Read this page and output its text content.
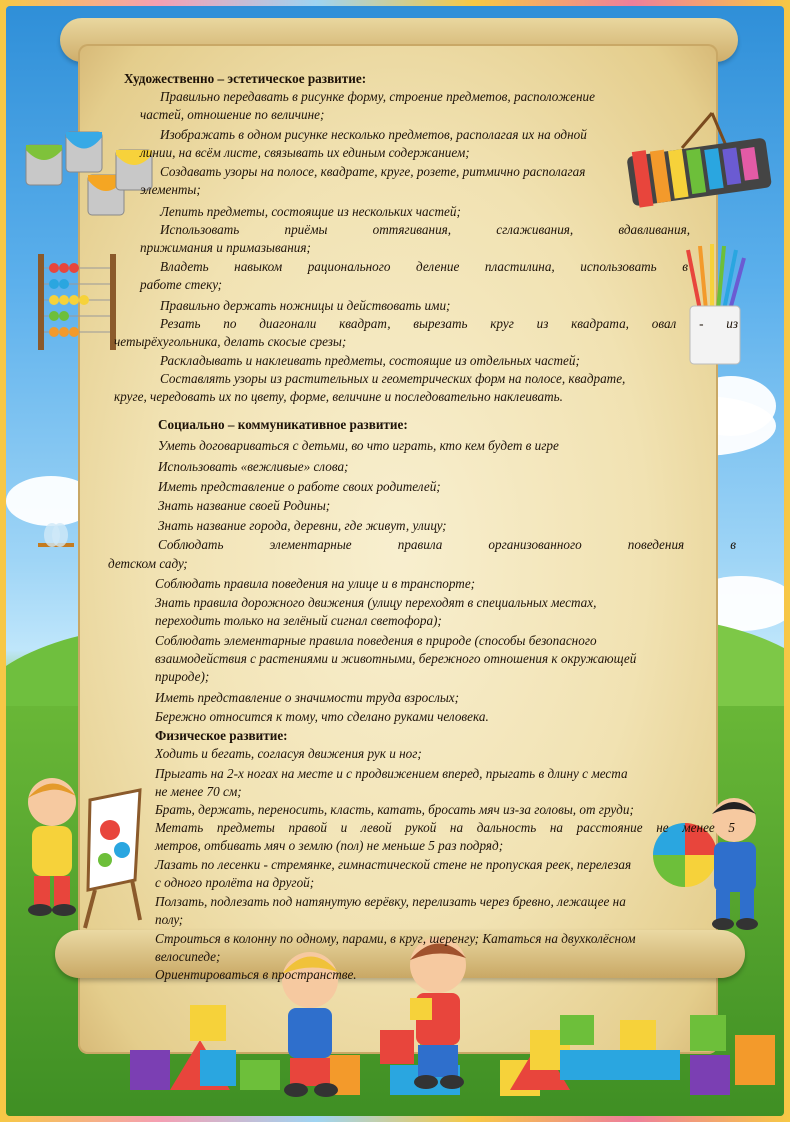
Художественно – эстетическое развитие:
Правильно передавать в рисунке форму, строение предметов, расположение
частей, отношение по величине;
Изображать в одном рисунке несколько предметов, располагая их на одной
линии, на всём листе, связывать их единым содержанием;
Создавать узоры на полосе, квадрате, круге, розете, ритмично располагая
элементы;
Лепить предметы, состоящие из нескольких частей;
Использовать приёмы оттягивания, сглаживания, вдавливания,
прижимания и примазывания;
Владеть навыком рационального деление пластилина, использовать в
работе стеку;
Правильно держать ножницы и действовать ими;
Резать по диагонали квадрат, вырезать круг из квадрата, овал - из
четырёхугольника, делать скосые срезы;
Раскладывать и наклеивать предметы, состоящие из отдельных частей;
Составлять узоры из растительных и геометрических форм на полосе, квадрате,
круге, чередовать их по цвету, форме, величине и последовательно наклеивать.
Социально – коммуникативное развитие:
Уметь договариваться с детьми, во что играть, кто кем будет в игре
Использовать «вежливые» слова;
Иметь представление о работе своих родителей;
Знать название своей Родины;
Знать название города, деревни, где живут, улицу;
Соблюдать элементарные правила организованного поведения в
детском саду;
Соблюдать правила поведения на улице и в транспорте;
Знать правила дорожного движения (улицу переходят в специальных местах,
переходить только на зелёный сигнал светофора);
Соблюдать элементарные правила поведения в природе (способы безопасного
взаимодействия с растениями и животными, бережного отношения к окружающей
природе);
Иметь представление о значимости труда взрослых;
Бережно относится к тому, что сделано руками человека.
Физическое развитие:
Ходить и бегать, согласуя движения рук и ног;
Прыгать на 2-х ногах на месте и с продвижением вперед, прыгать в длину с места
не менее 70 см;
Брать, держать, переносить, класть, катать, бросать мяч из-за головы, от груди;
Метать предметы правой и левой рукой на дальность на расстояние не менее 5
метров, отбивать мяч о землю (пол) не меньше 5 раз подряд;
Лазать по лесенки - стремянке, гимнастической стене не пропуская реек, перелезая
с одного пролёта на другой;
Ползать, подлезать под натянутую верёвку, перелизать через бревно, лежащее на
полу;
Строиться в колонну по одному, парами, в круг, шеренгу; Кататься на двухколёсном
велосипеде;
Ориентироваться в пространстве.
